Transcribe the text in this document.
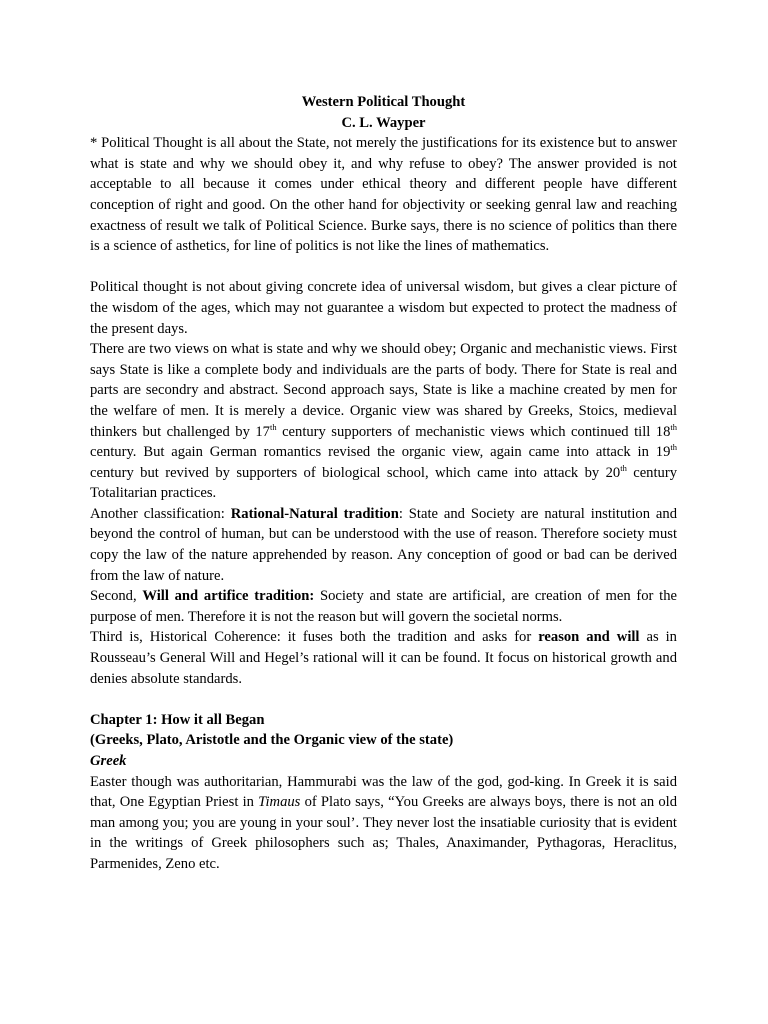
Western Political Thought

C. L. Wayper

* Political Thought is all about the State, not merely the justifications for its existence but to answer what is state and why we should obey it, and why refuse to obey? The answer provided is not acceptable to all because it comes under ethical theory and different people have different conception of right and good. On the other hand for objectivity or seeking genral law and reaching exactness of result we talk of Political Science. Burke says, there is no science of politics than there is a science of asthetics, for line of politics is not like the lines of mathematics.

Political thought is not about giving concrete idea of universal wisdom, but gives a clear picture of the wisdom of the ages, which may not guarantee a wisdom but expected to protect the madness of the present days.

There are two views on what is state and why we should obey; Organic and mechanistic views. First says State is like a complete body and individuals are the parts of body. There for State is real and parts are secondry and abstract. Second approach says, State is like a machine created by men for the welfare of men. It is merely a device. Organic view was shared by Greeks, Stoics, medieval thinkers but challenged by 17th century supporters of mechanistic views which continued till 18th century. But again German romantics revised the organic view, again came into attack in 19th century but revived by supporters of biological school, which came into attack by 20th century Totalitarian practices.

Another classification: Rational-Natural tradition: State and Society are natural institution and beyond the control of human, but can be understood with the use of reason. Therefore society must copy the law of the nature apprehended by reason. Any conception of good or bad can be derived from the law of nature.

Second, Will and artifice tradition: Society and state are artificial, are creation of men for the purpose of men. Therefore it is not the reason but will govern the societal norms.

Third is, Historical Coherence: it fuses both the tradition and asks for reason and will as in Rousseau’s General Will and Hegel’s rational will it can be found. It focus on historical growth and denies absolute standards.

Chapter 1: How it all Began

(Greeks, Plato, Aristotle and the Organic view of the state)

Greek

Easter though was authoritarian, Hammurabi was the law of the god, god-king. In Greek it is said that, One Egyptian Priest in Timaus of Plato says, “You Greeks are always boys, there is not an old man among you; you are young in your soul’. They never lost the insatiable curiosity that is evident in the writings of Greek philosophers such as; Thales, Anaximander, Pythagoras, Heraclitus, Parmenides, Zeno etc.
